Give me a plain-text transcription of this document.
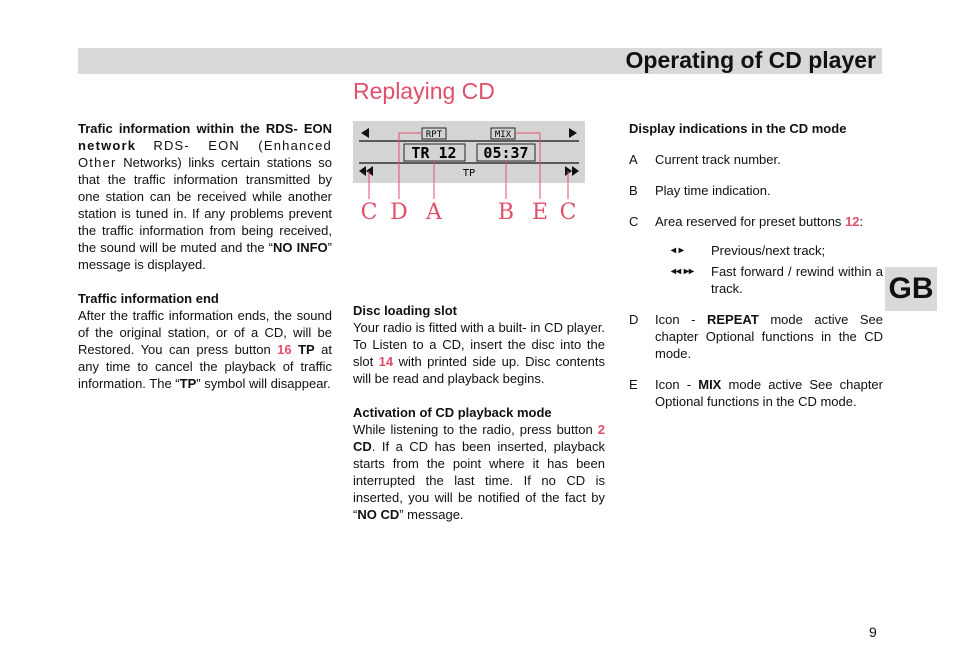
Operating of CD player
Replaying CD

Trafic information within the RDS- EON network RDS- EON (Enhanced Other Networks) links certain stations so that the traffic information transmitted by one station can be received while another station is tuned in. If any problems prevent the traffic information from being received, the sound will be muted and the “NO INFO” message is displayed.

Traffic information end

After the traffic information ends, the sound of the original station, or of a CD, will be Restored. You can press button 16 TP at any time to cancel the playback of traffic information. The “TP” symbol will disappear.

RPT	MIX
TR 12 05:37
TP
C D A	B E C

Disc loading slot

Your radio is fitted with a built- in CD player. To Listen to a CD, insert the disc into the slot 14 with printed side up. Disc contents will be read and playback begins.

Activation of CD playback mode

While listening to the radio, press button 2 CD. If a CD has been inserted, playback starts from the point where it has been interrupted the last time. If no CD is inserted, you will be notified of the fact by “NO CD” message.

Display indications in the CD mode

A	Current track number.
B	Play time indication.
C	Area reserved for preset buttons 12:
◂ ▸	Previous/next track;
◂◂ ▸▸	Fast forward / rewind within a track.
D	Icon - REPEAT mode active See chapter Optional functions in the CD mode.
E	Icon - MIX mode active See chapter Optional functions in the CD mode.
GB
9
